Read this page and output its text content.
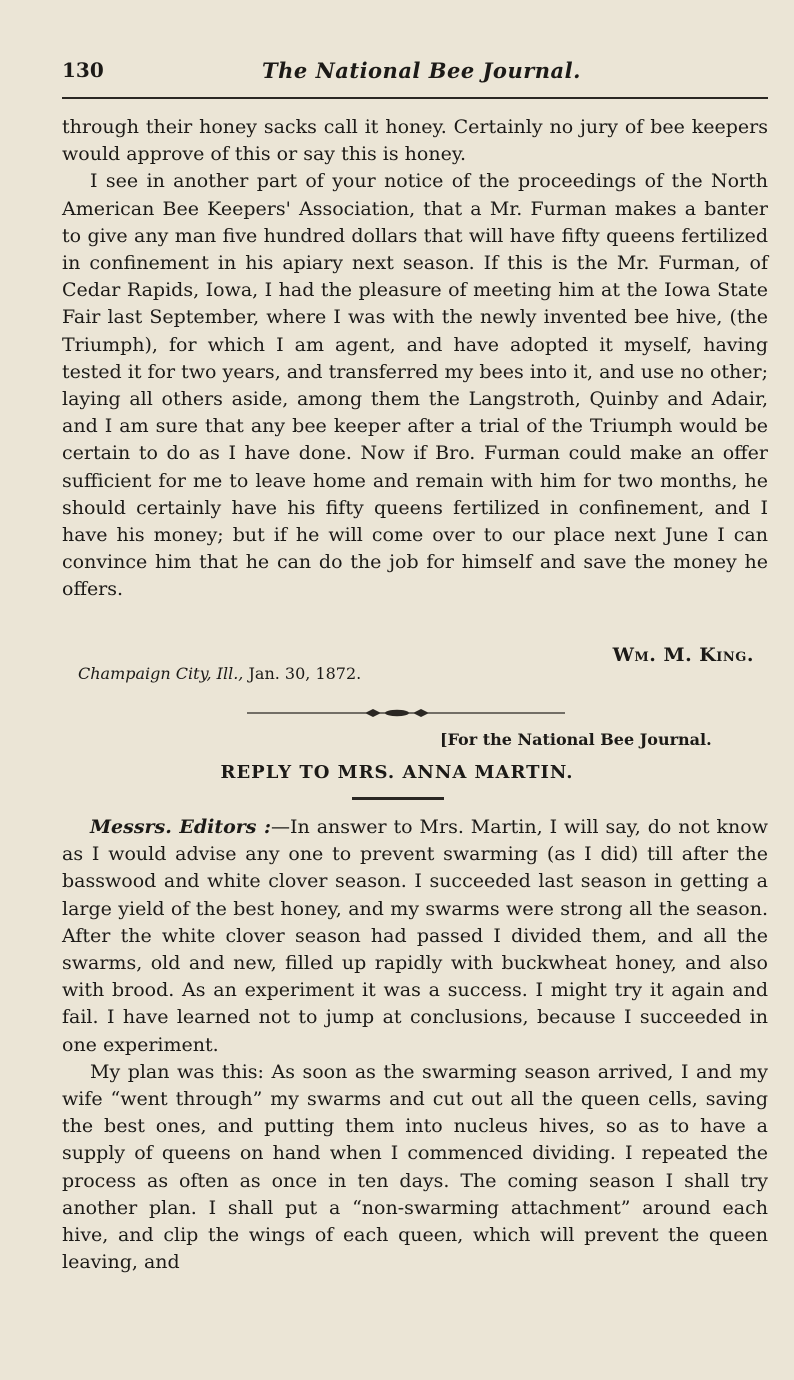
130	The National Bee Journal.

through their honey sacks call it honey. Certainly no jury of bee keepers would approve of this or say this is honey.

I see in another part of your notice of the proceedings of the North American Bee Keepers' Association, that a Mr. Furman makes a banter to give any man five hundred dollars that will have fifty queens fertilized in confinement in his apiary next season. If this is the Mr. Furman, of Cedar Rapids, Iowa, I had the pleasure of meeting him at the Iowa State Fair last September, where I was with the newly invented bee hive, (the Triumph), for which I am agent, and have adopted it myself, having tested it for two years, and transferred my bees into it, and use no other; laying all others aside, among them the Langstroth, Quinby and Adair, and I am sure that any bee keeper after a trial of the Triumph would be certain to do as I have done. Now if Bro. Furman could make an offer sufficient for me to leave home and remain with him for two months, he should certainly have his fifty queens fertilized in confinement, and I have his money; but if he will come over to our place next June I can convince him that he can do the job for himself and save the money he offers.

Wm. M. King.
Champaign City, Ill., Jan. 30, 1872.
[For the National Bee Journal.
REPLY TO MRS. ANNA MARTIN.

Messrs. Editors :—In answer to Mrs. Martin, I will say, do not know as I would advise any one to prevent swarming (as I did) till after the basswood and white clover season. I succeeded last season in getting a large yield of the best honey, and my swarms were strong all the season. After the white clover season had passed I divided them, and all the swarms, old and new, filled up rapidly with buckwheat honey, and also with brood. As an experiment it was a success. I might try it again and fail. I have learned not to jump at conclusions, because I succeeded in one experiment.

My plan was this: As soon as the swarming season arrived, I and my wife “went through” my swarms and cut out all the queen cells, saving the best ones, and putting them into nucleus hives, so as to have a supply of queens on hand when I commenced dividing. I repeated the process as often as once in ten days. The coming season I shall try another plan. I shall put a “non-swarming attachment” around each hive, and clip the wings of each queen, which will prevent the queen leaving, and
